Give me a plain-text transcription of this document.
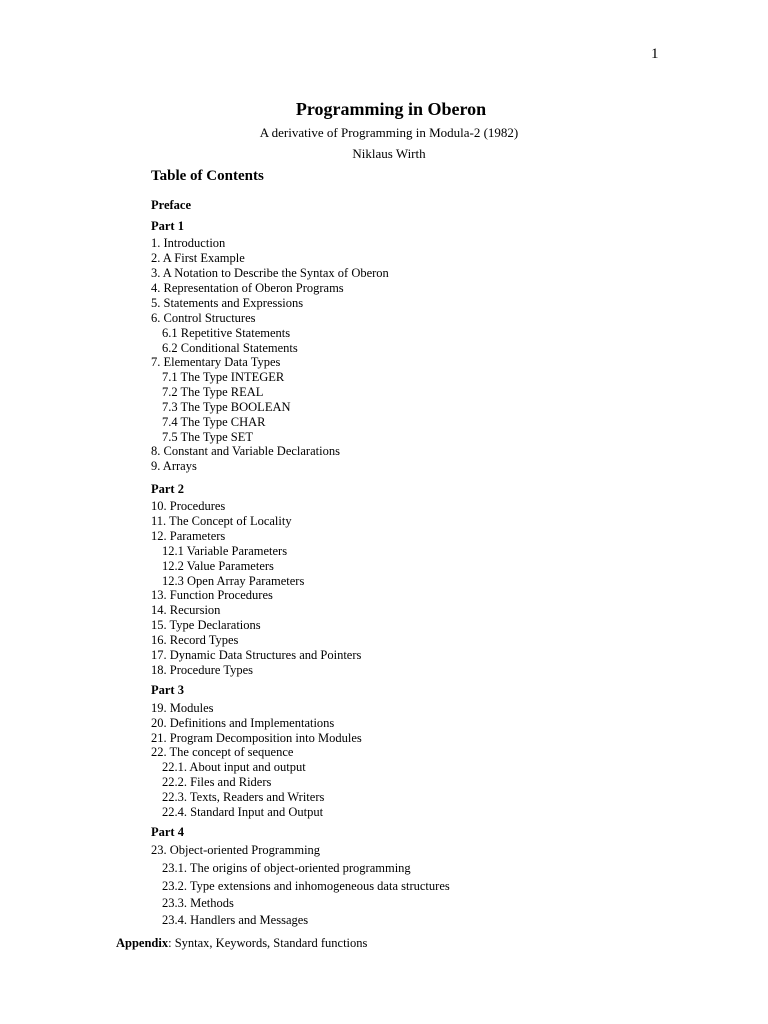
1
Programming in Oberon
A derivative of Programming in Modula-2 (1982)
Niklaus Wirth
Table of Contents
Preface
Part 1
1. Introduction
2. A First Example
3. A Notation to Describe the Syntax of Oberon
4. Representation of Oberon Programs
5. Statements and Expressions
6. Control Structures
6.1 Repetitive Statements
6.2 Conditional Statements
7. Elementary Data Types
7.1 The Type INTEGER
7.2 The Type REAL
7.3 The Type BOOLEAN
7.4 The Type CHAR
7.5 The Type SET
8. Constant and Variable Declarations
9. Arrays
Part 2
10. Procedures
11. The Concept of Locality
12. Parameters
12.1 Variable Parameters
12.2 Value Parameters
12.3 Open Array Parameters
13. Function Procedures
14. Recursion
15. Type Declarations
16. Record Types
17. Dynamic Data Structures and Pointers
18. Procedure Types
Part 3
19. Modules
20. Definitions and Implementations
21. Program Decomposition into Modules
22. The concept of sequence
22.1. About input and output
22.2. Files and Riders
22.3. Texts, Readers and Writers
22.4. Standard Input and Output
Part 4
23. Object-oriented Programming
23.1. The origins of object-oriented programming
23.2. Type extensions and inhomogeneous data structures
23.3. Methods
23.4. Handlers and Messages
Appendix: Syntax, Keywords, Standard functions
